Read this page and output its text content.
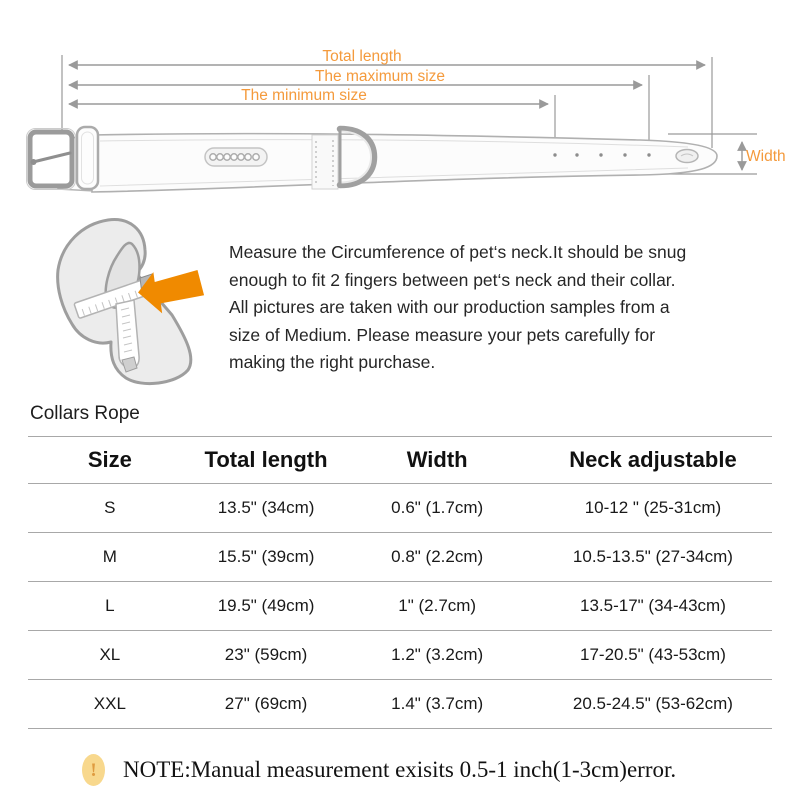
Total length
The maximum size
The minimum size
Width
Measure the Circumference of pet‘s neck.It should be snug
enough to fit 2 fingers between pet‘s neck and their collar.
All pictures are taken with our production samples from a
size of Medium. Please measure your pets carefully for
making the right purchase.
Collars Rope
Size	Total length	Width	Neck adjustable
S	13.5" (34cm)	0.6" (1.7cm)	10-12 " (25-31cm)
M	15.5" (39cm)	0.8" (2.2cm)	10.5-13.5" (27-34cm)
L	19.5" (49cm)	1" (2.7cm)	13.5-17" (34-43cm)
XL	23" (59cm)	1.2" (3.2cm)	17-20.5" (43-53cm)
XXL	27" (69cm)	1.4" (3.7cm)	20.5-24.5" (53-62cm)
! NOTE:Manual measurement exisits 0.5-1 inch(1-3cm)error.
